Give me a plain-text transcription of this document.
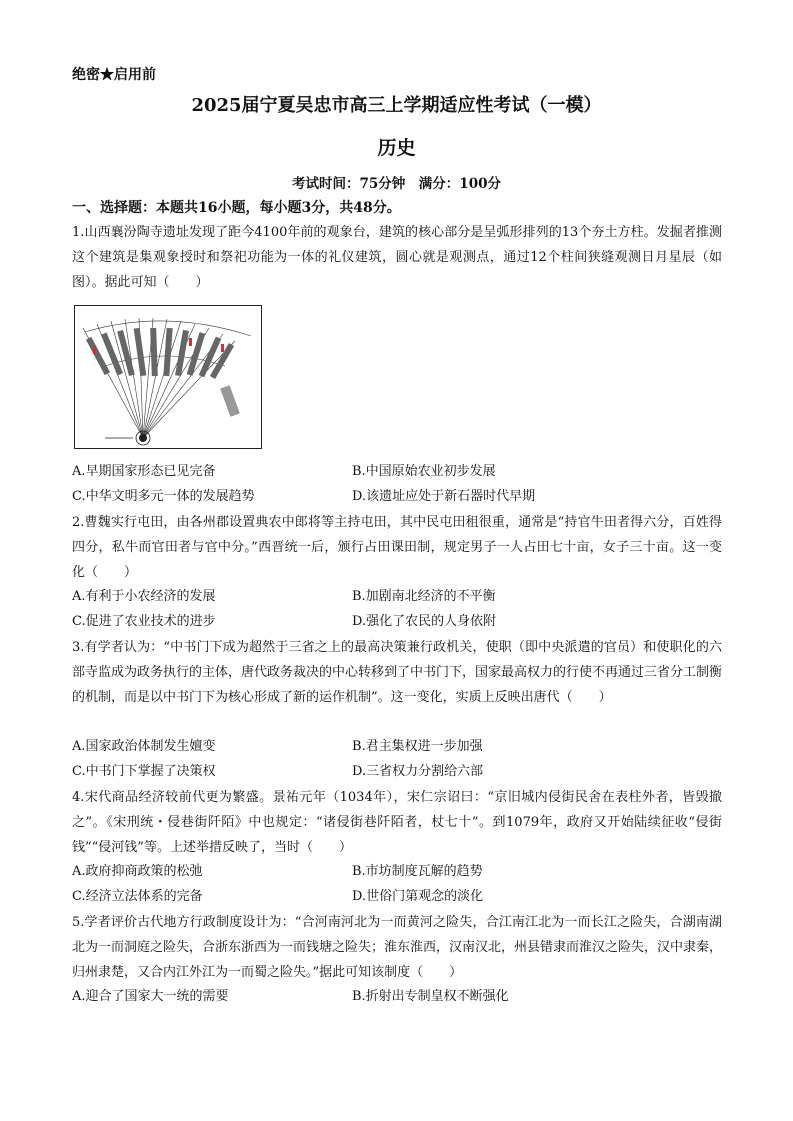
绝密★启用前
2025届宁夏吴忠市高三上学期适应性考试（一模）
历史
考试时间：75分钟　满分：100分
一、选择题：本题共16小题，每小题3分，共48分。

1.山西襄汾陶寺遗址发现了距今4100年前的观象台，建筑的核心部分是呈弧形排列的13个夯土方柱。发掘者推测这个建筑是集观象授时和祭祀功能为一体的礼仪建筑，圆心就是观测点，通过12个柱间狭缝观测日月星辰（如图）。据此可知（　　）

A.早期国家形态已见完备	B.中国原始农业初步发展
C.中华文明多元一体的发展趋势	D.该遗址应处于新石器时代早期

2.曹魏实行屯田，由各州郡设置典农中郎将等主持屯田，其中民屯田租很重，通常是“持官牛田者得六分，百姓得四分，私牛而官田者与官中分。”西晋统一后，颁行占田课田制，规定男子一人占田七十亩，女子三十亩。这一变化（　　）

A.有利于小农经济的发展	B.加剧南北经济的不平衡
C.促进了农业技术的进步	D.强化了农民的人身依附

3.有学者认为：“中书门下成为超然于三省之上的最高决策兼行政机关，使职（即中央派遣的官员）和使职化的六部寺监成为政务执行的主体，唐代政务裁决的中心转移到了中书门下，国家最高权力的行使不再通过三省分工制衡的机制，而是以中书门下为核心形成了新的运作机制”。这一变化，实质上反映出唐代（　　）

A.国家政治体制发生嬗变	B.君主集权进一步加强
C.中书门下掌握了决策权	D.三省权力分割给六部

4.宋代商品经济较前代更为繁盛。景祐元年（1034年），宋仁宗诏曰：“京旧城内侵街民舍在表柱外者，皆毁撤之”。《宋刑统・侵巷街阡陌》中也规定：“诸侵街巷阡陌者，杖七十”。到1079年，政府又开始陆续征收“侵街钱”“侵河钱”等。上述举措反映了，当时（　　）

A.政府抑商政策的松弛	B.市坊制度瓦解的趋势
C.经济立法体系的完备	D.世俗门第观念的淡化

5.学者评价古代地方行政制度设计为：“合河南河北为一而黄河之险失，合江南江北为一而长江之险失，合湖南湖北为一而洞庭之险失，合浙东浙西为一而钱塘之险失；淮东淮西，汉南汉北，州县错隶而淮汉之险失，汉中隶秦，归州隶楚，又合内江外江为一而蜀之险失。”据此可知该制度（　　）

A.迎合了国家大一统的需要	B.折射出专制皇权不断强化
